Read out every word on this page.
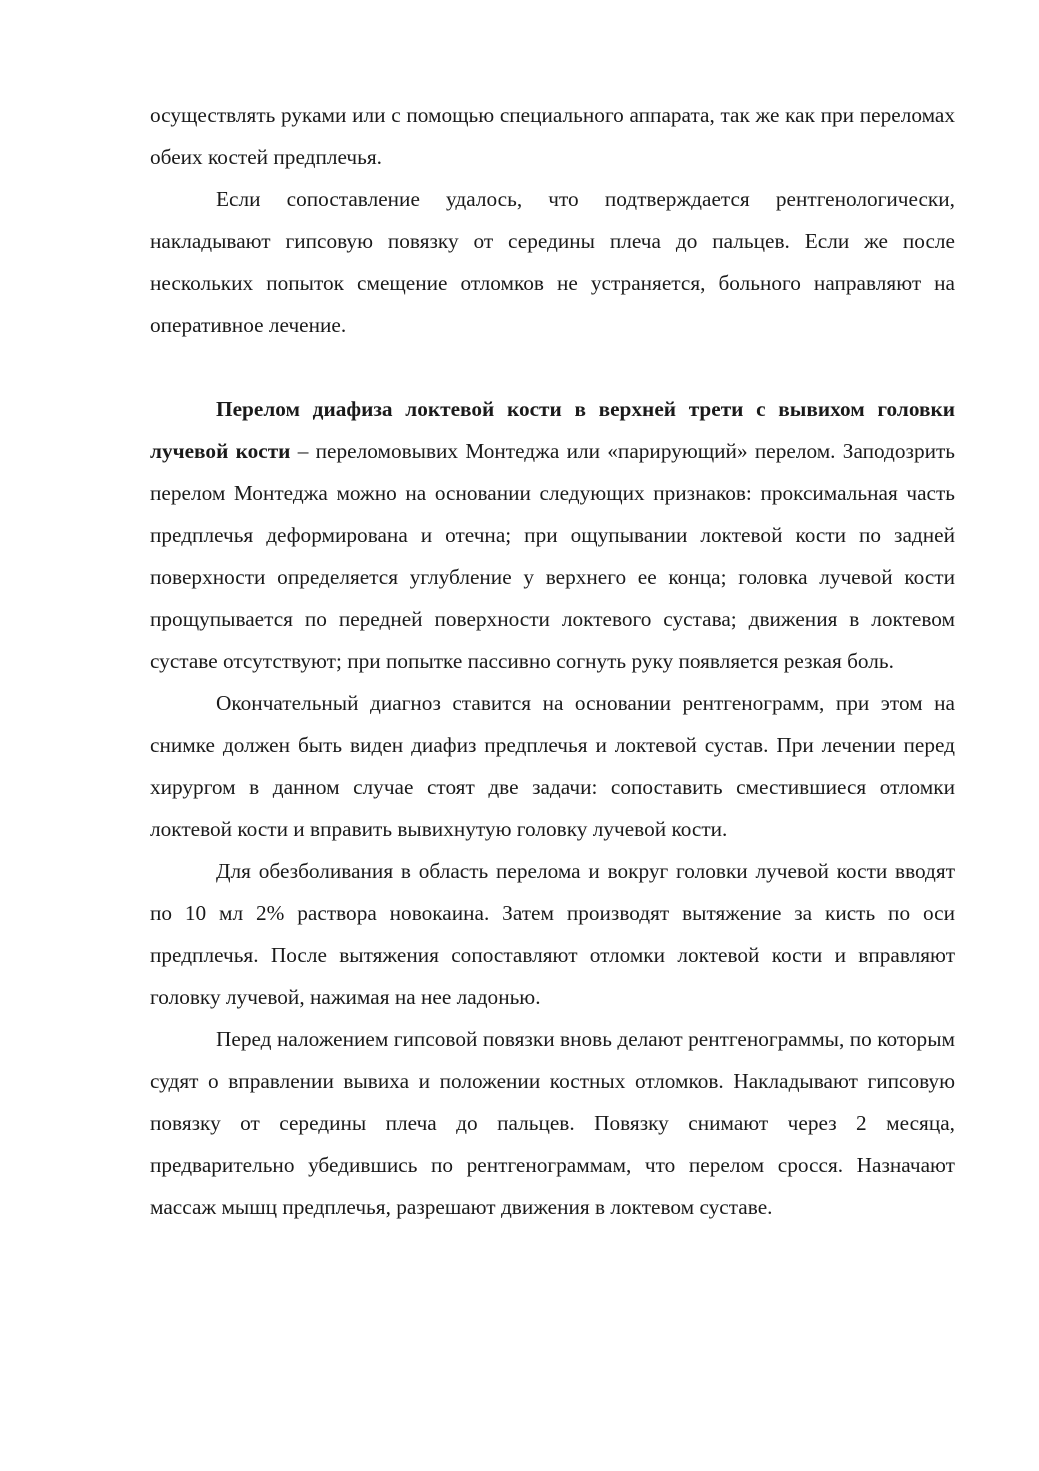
осуществлять руками или с помощью специального аппарата, так же как при переломах обеих костей предплечья.

Если сопоставление удалось, что подтверждается рентгенологически, накладывают гипсовую повязку от середины плеча до пальцев. Если же после нескольких попыток смещение отломков не устраняется, больного направляют на оперативное лечение.

Перелом диафиза локтевой кости в верхней трети с вывихом головки лучевой кости – переломовывих Монтеджа или «парирующий» перелом. Заподозрить перелом Монтеджа можно на основании следующих признаков: проксимальная часть предплечья деформирована и отечна; при ощупывании локтевой кости по задней поверхности определяется углубление у верхнего ее конца; головка лучевой кости прощупывается по передней поверхности локтевого сустава; движения в локтевом суставе отсутствуют; при попытке пассивно согнуть руку появляется резкая боль.

Окончательный диагноз ставится на основании рентгенограмм, при этом на снимке должен быть виден диафиз предплечья и локтевой сустав. При лечении перед хирургом в данном случае стоят две задачи: сопоставить сместившиеся отломки локтевой кости и вправить вывихнутую головку лучевой кости.

Для обезболивания в область перелома и вокруг головки лучевой кости вводят по 10 мл 2% раствора новокаина. Затем производят вытяжение за кисть по оси предплечья. После вытяжения сопоставляют отломки локтевой кости и вправляют головку лучевой, нажимая на нее ладонью.

Перед наложением гипсовой повязки вновь делают рентгенограммы, по которым судят о вправлении вывиха и положении костных отломков. Накладывают гипсовую повязку от середины плеча до пальцев. Повязку снимают через 2 месяца, предварительно убедившись по рентгенограммам, что перелом сросся. Назначают массаж мышц предплечья, разрешают движения в локтевом суставе.
